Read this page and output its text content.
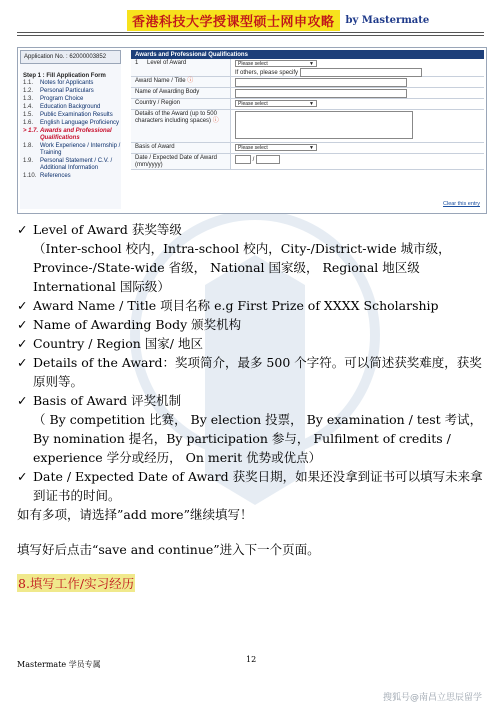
香港科技大学授课型硕士网申攻略	by Mastermate
Application No. : 62000003852
Step 1 : Fill Application Form
1.1.	Notes for Applicants
1.2.	Personal Particulars
1.3.	Program Choice
1.4.	Education Background
1.5.	Public Examination Results
1.6.	English Language Proficiency
> 1.7. Awards and Professional Qualifications
1.8.	Work Experience / Internship / Training
1.9.	Personal Statement / C.V. / Additional Information
1.10. References
Awards and Professional Qualifications
1	Level of Award	Please select	▼
If others, please specify
Award Name / Title ⓘ
Name of Awarding Body
Country / Region	Please select	▼
Details of the Award (up to 500 characters including spaces) ⓘ
Basis of Award	Please select	▼
Date / Expected Date of Award (mm/yyyy)
/
Clear this entry
✓ Level of Award 获奖等级
（Inter-school 校内，Intra-school 校内，City-/District-wide 城市级，Province-/State-wide 省级， National 国家级， Regional 地区级 International 国际级）
✓ Award Name / Title 项目名称 e.g First Prize of XXXX Scholarship
✓ Name of Awarding Body 颁奖机构
✓ Country / Region 国家/ 地区
✓ Details of the Award：奖项简介，最多 500 个字符。可以简述获奖难度，获奖原则等。
✓ Basis of Award 评奖机制
（ By competition 比赛， By election 投票， By examination / test 考试， By nomination 提名，By participation 参与， Fulfilment of credits / experience 学分或经历， On merit 优势或优点）
✓ Date / Expected Date of Award 获奖日期，如果还没拿到证书可以填写未来拿到证书的时间。
如有多项，请选择”add more”继续填写！
填写好后点击“save and continue”进入下一个页面。
8.填写工作/实习经历
Mastermate 学员专属
12
搜狐号@南昌立思辰留学
